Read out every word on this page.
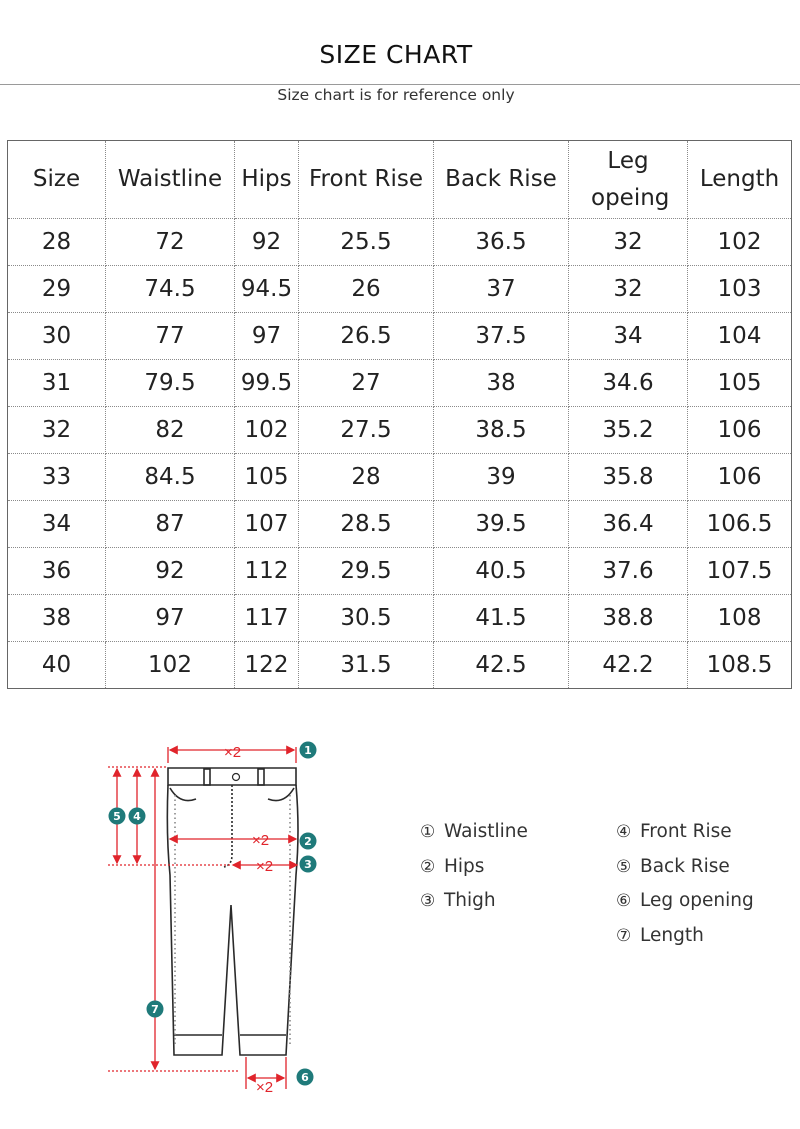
SIZE CHART
Size chart is for reference only
Size	Waistline	Hips	Front Rise	Back Rise	Leg opeing	Length
28	72	92	25.5	36.5	32	102
29	74.5	94.5	26	37	32	103
30	77	97	26.5	37.5	34	104
31	79.5	99.5	27	38	34.6	105
32	82	102	27.5	38.5	35.2	106
33	84.5	105	28	39	35.8	106
34	87	107	28.5	39.5	36.4	106.5
36	92	112	29.5	40.5	37.6	107.5
38	97	117	30.5	41.5	38.8	108
40	102	122	31.5	42.5	42.2	108.5
×2
×2
×2
×2
1
2
3
4
5
6
7
① Waistline
② Hips
③ Thigh
④ Front Rise
⑤ Back Rise
⑥ Leg opening
⑦ Length
